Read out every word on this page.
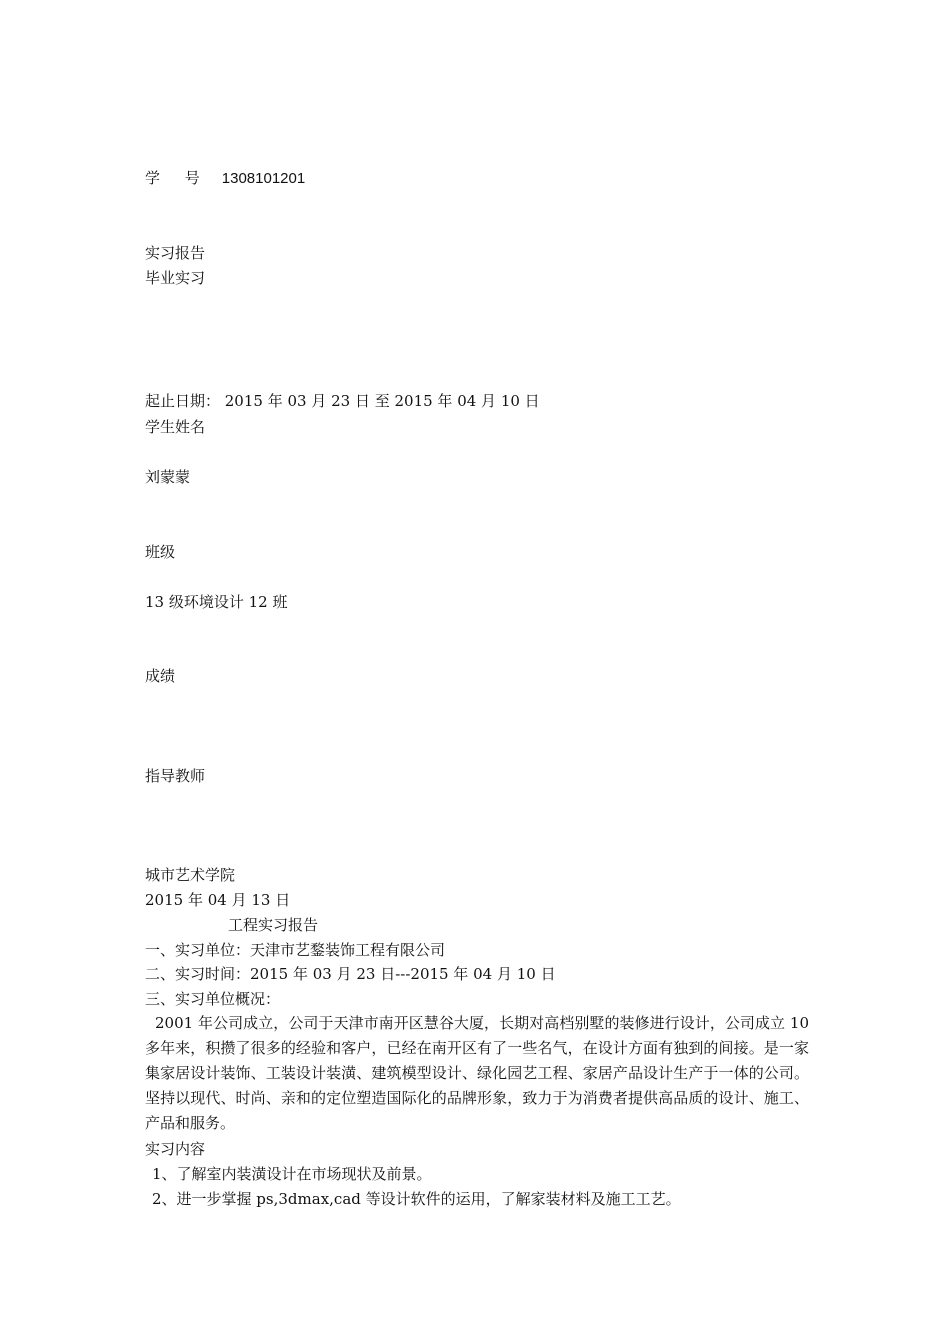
学 号 1308101201
实习报告
毕业实习
起止日期： 2015 年 03 月 23 日 至 2015 年 04 月 10 日
学生姓名
刘蒙蒙
班级
13 级环境设计 12 班
成绩
指导教师
城市艺术学院
2015 年 04 月 13 日
工程实习报告
一、实习单位：天津市艺鍪装饰工程有限公司
二、实习时间：2015 年 03 月 23 日---2015 年 04 月 10 日
三、实习单位概况：
2001 年公司成立，公司于天津市南开区慧谷大厦，长期对高档别墅的装修进行设计，公司成立 10 多年来，积攒了很多的经验和客户，已经在南开区有了一些名气，在设计方面有独到的间接。是一家集家居设计装饰、工装设计装潢、建筑模型设计、绿化园艺工程、家居产品设计生产于一体的公司。坚持以现代、时尚、亲和的定位塑造国际化的品牌形象，致力于为消费者提供高品质的设计、施工、产品和服务。
实习内容
1、了解室内装潢设计在市场现状及前景。
2、进一步掌握 ps,3dmax,cad 等设计软件的运用，了解家装材料及施工工艺。
